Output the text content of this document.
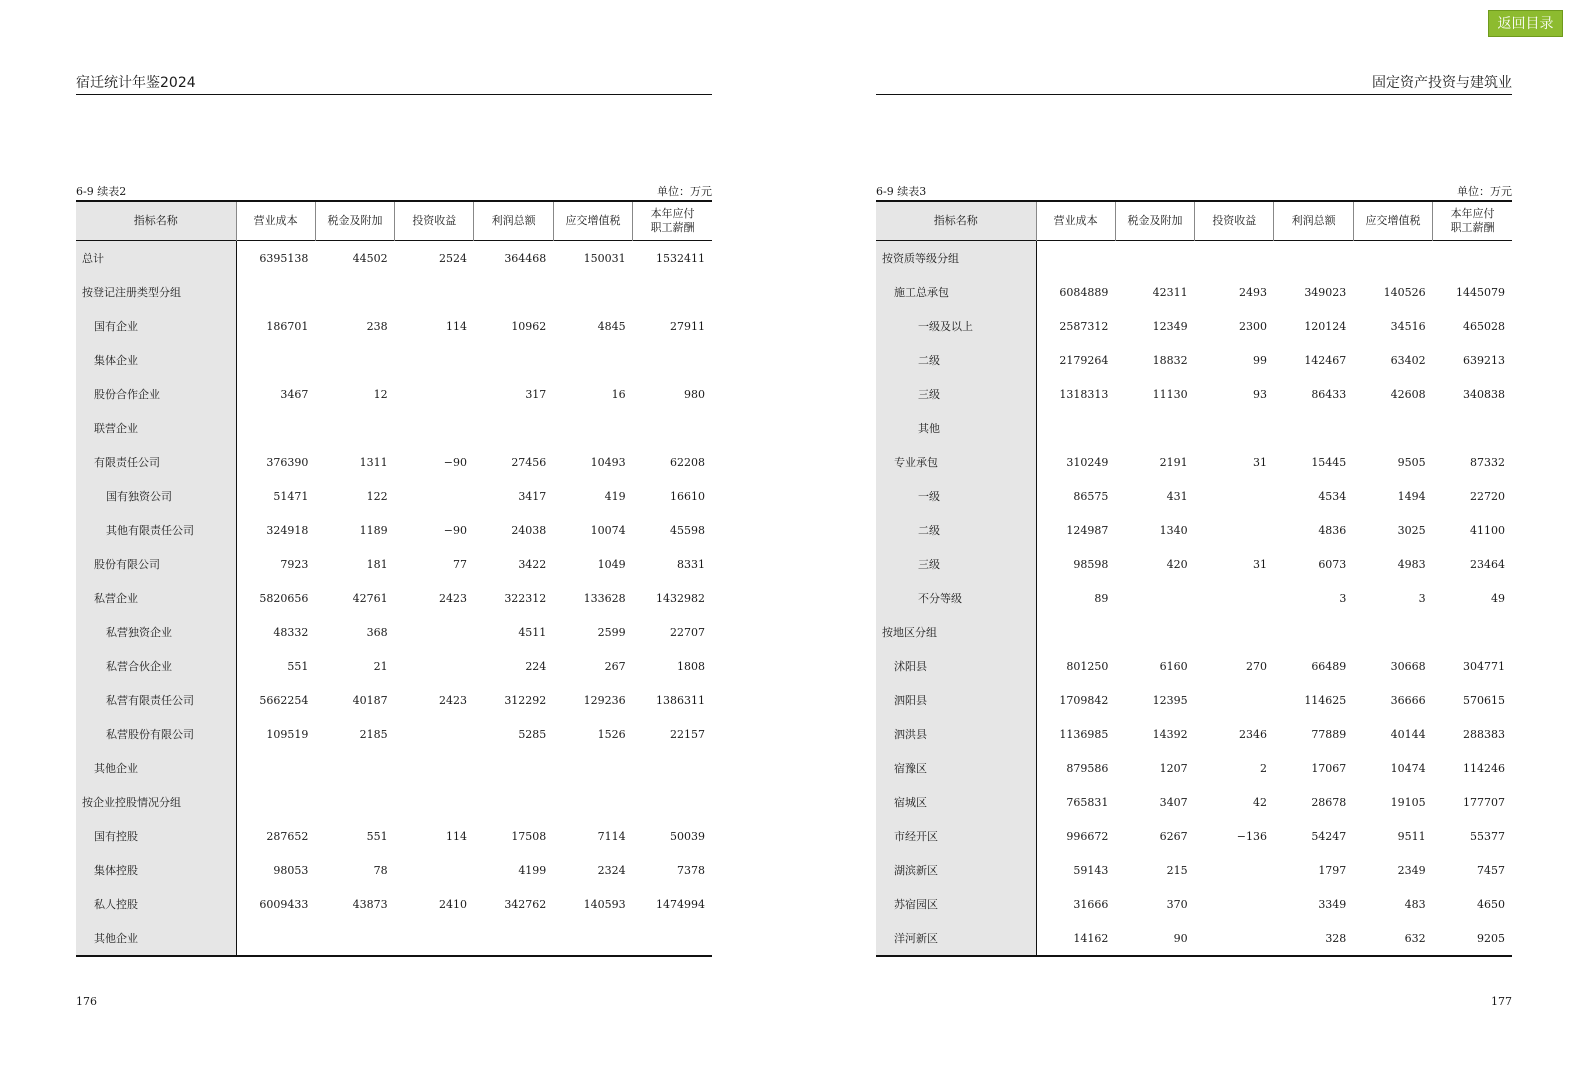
返回目录
宿迁统计年鉴2024
6-9 续表2	单位：万元
指标名称	营业成本	税金及附加	投资收益	利润总额	应交增值税	本年应付
职工薪酬
总计	6395138	44502	2524	364468	150031	1532411
按登记注册类型分组						
国有企业	186701	238	114	10962	4845	27911
集体企业						
股份合作企业	3467	12		317	16	980
联营企业						
有限责任公司	376390	1311	−90	27456	10493	62208
国有独资公司	51471	122		3417	419	16610
其他有限责任公司	324918	1189	−90	24038	10074	45598
股份有限公司	7923	181	77	3422	1049	8331
私营企业	5820656	42761	2423	322312	133628	1432982
私营独资企业	48332	368		4511	2599	22707
私营合伙企业	551	21		224	267	1808
私营有限责任公司	5662254	40187	2423	312292	129236	1386311
私营股份有限公司	109519	2185		5285	1526	22157
其他企业						
按企业控股情况分组						
国有控股	287652	551	114	17508	7114	50039
集体控股	98053	78		4199	2324	7378
私人控股	6009433	43873	2410	342762	140593	1474994
其他企业						
176
固定资产投资与建筑业
6-9 续表3	单位：万元
指标名称	营业成本	税金及附加	投资收益	利润总额	应交增值税	本年应付
职工薪酬
按资质等级分组						
施工总承包	6084889	42311	2493	349023	140526	1445079
一级及以上	2587312	12349	2300	120124	34516	465028
二级	2179264	18832	99	142467	63402	639213
三级	1318313	11130	93	86433	42608	340838
其他						
专业承包	310249	2191	31	15445	9505	87332
一级	86575	431		4534	1494	22720
二级	124987	1340		4836	3025	41100
三级	98598	420	31	6073	4983	23464
不分等级	89			3	3	49
按地区分组						
沭阳县	801250	6160	270	66489	30668	304771
泗阳县	1709842	12395		114625	36666	570615
泗洪县	1136985	14392	2346	77889	40144	288383
宿豫区	879586	1207	2	17067	10474	114246
宿城区	765831	3407	42	28678	19105	177707
市经开区	996672	6267	−136	54247	9511	55377
湖滨新区	59143	215		1797	2349	7457
苏宿园区	31666	370		3349	483	4650
洋河新区	14162	90		328	632	9205
177
